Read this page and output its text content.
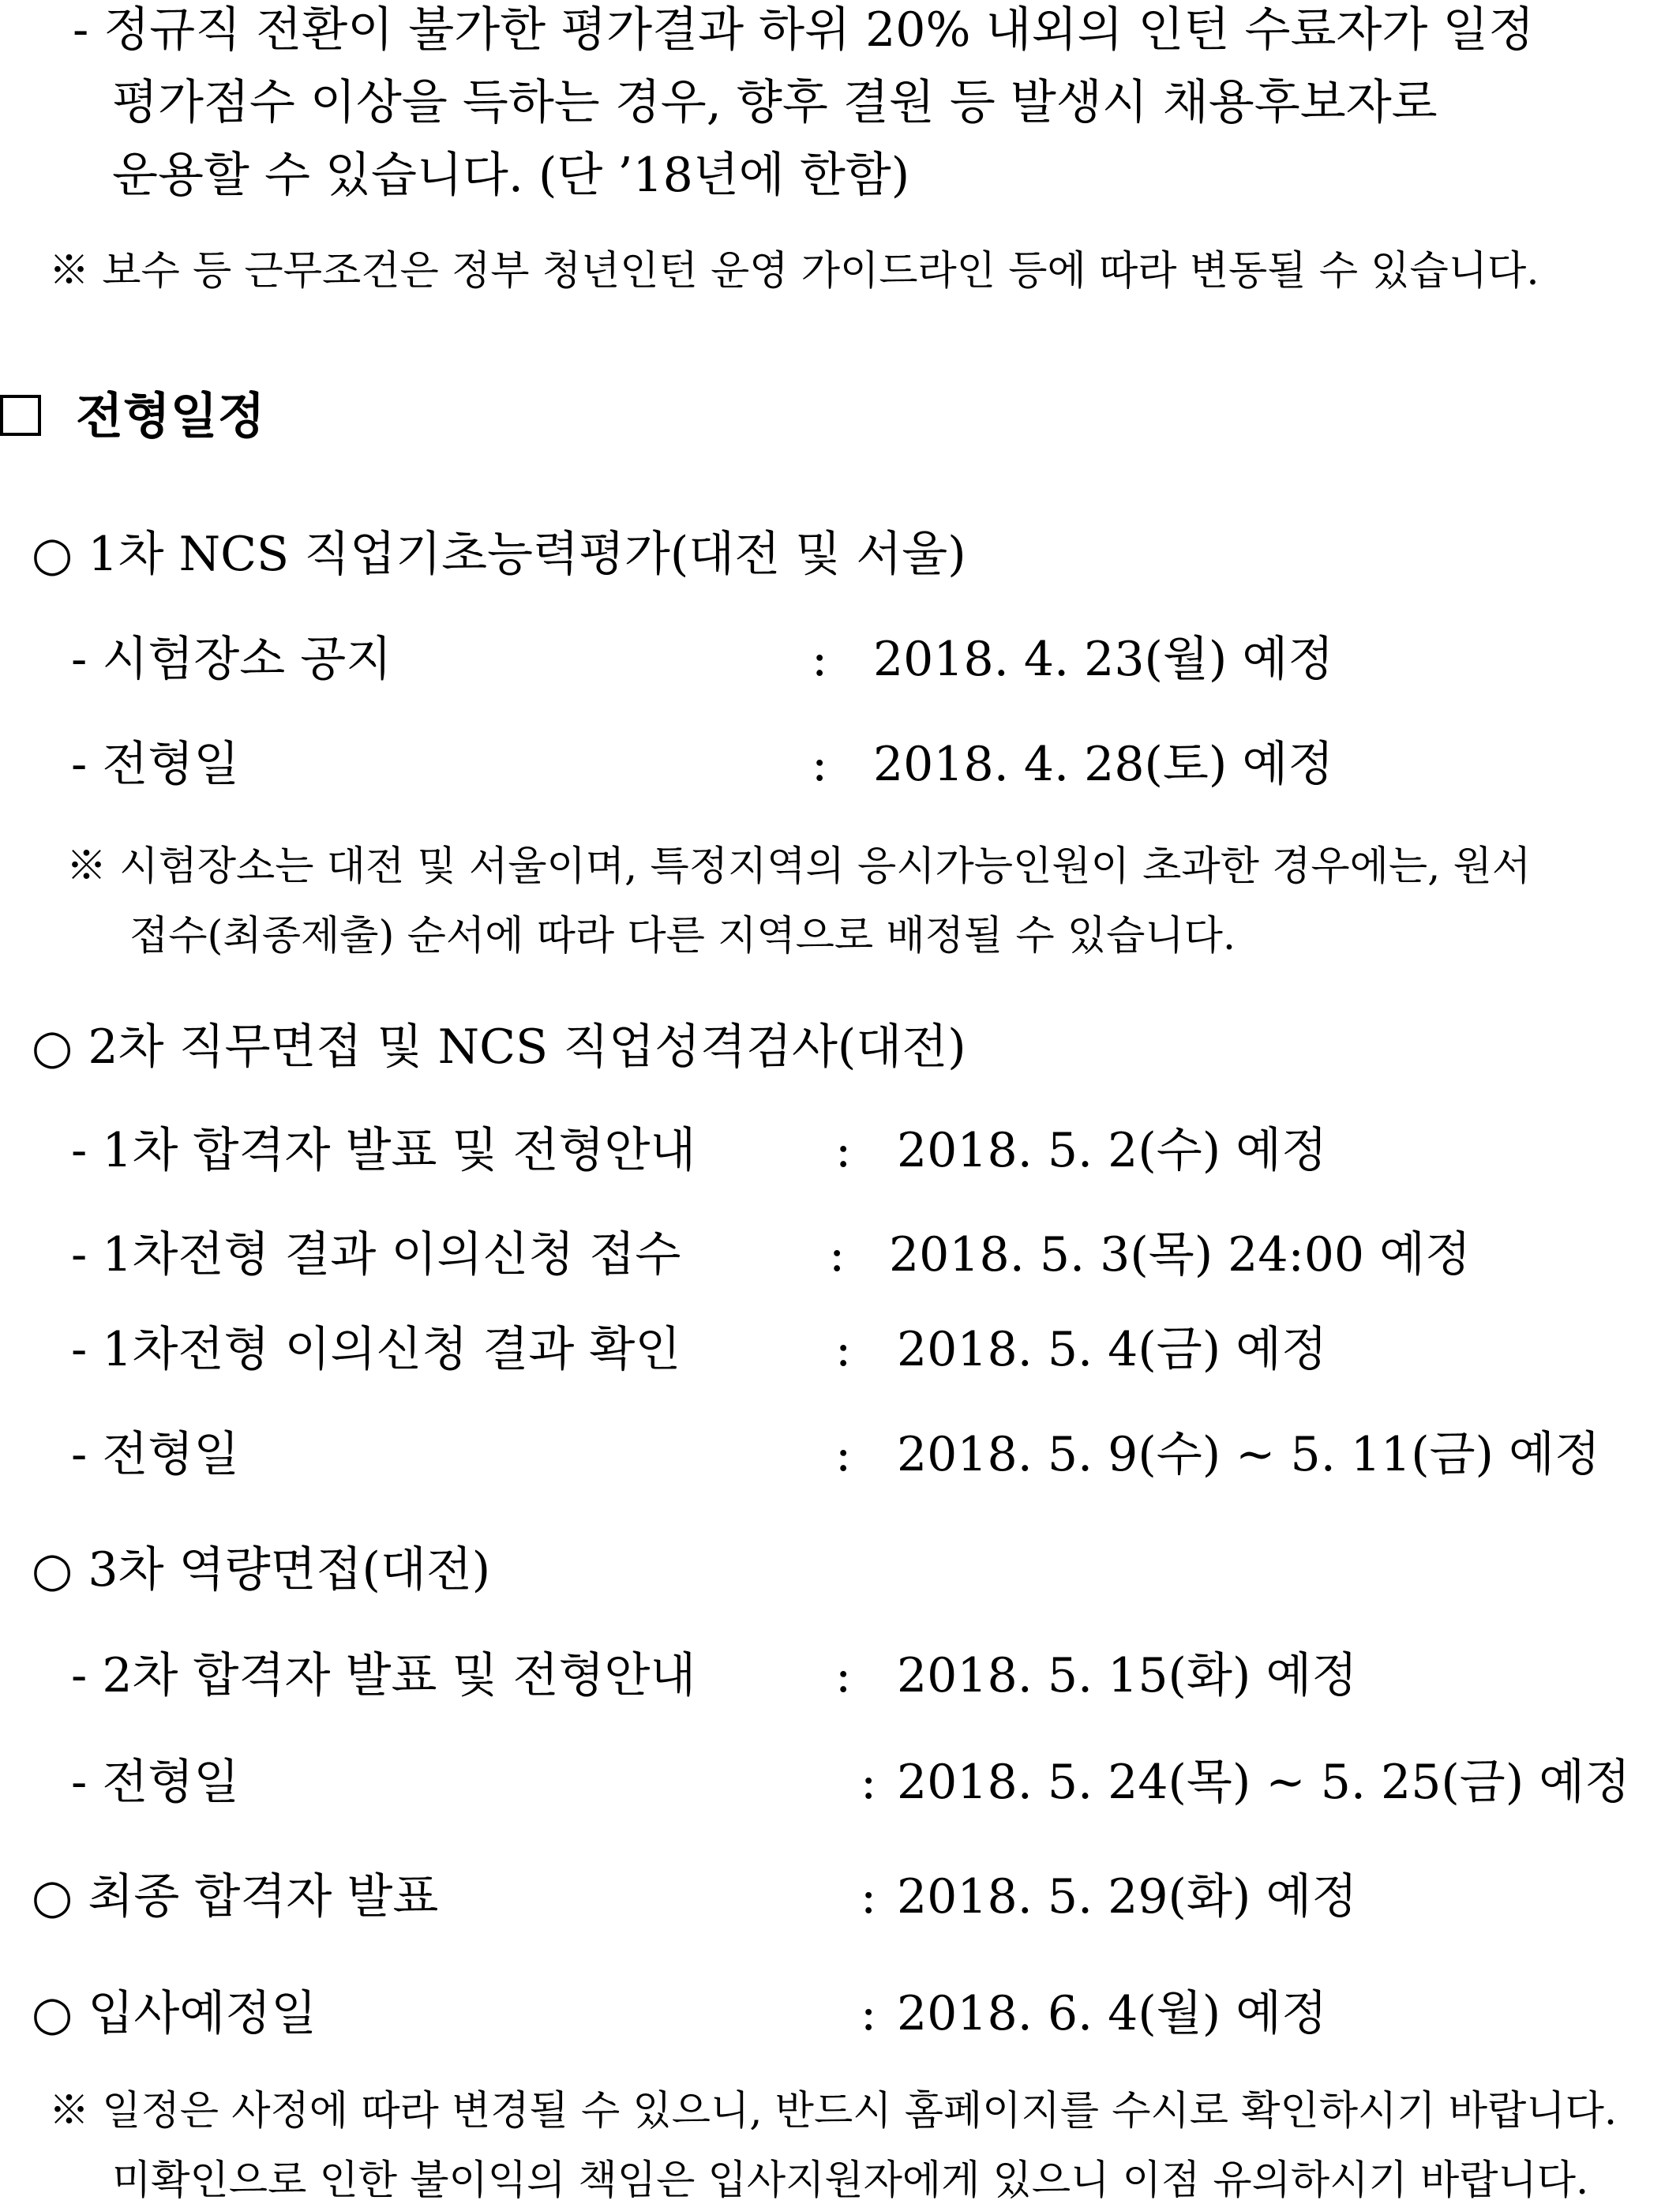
- 정규직 전환이 불가한 평가결과 하위 20% 내외의 인턴 수료자가 일정
평가점수 이상을 득하는 경우, 향후 결원 등 발생시 채용후보자로
운용할 수 있습니다. (단 ’18년에 한함)
※ 보수 등 근무조건은 정부 청년인턴 운영 가이드라인 등에 따라 변동될 수 있습니다.
전형일정
○ 1차 NCS 직업기초능력평가(대전 및 서울)
- 시험장소 공지	: 2018. 4. 23(월) 예정
- 전형일	: 2018. 4. 28(토) 예정
※ 시험장소는 대전 및 서울이며, 특정지역의 응시가능인원이 초과한 경우에는, 원서
접수(최종제출) 순서에 따라 다른 지역으로 배정될 수 있습니다.
○ 2차 직무면접 및 NCS 직업성격검사(대전)
- 1차 합격자 발표 및 전형안내	: 2018. 5. 2(수) 예정
- 1차전형 결과 이의신청 접수	: 2018. 5. 3(목) 24:00 예정
- 1차전형 이의신청 결과 확인	: 2018. 5. 4(금) 예정
- 전형일	: 2018. 5. 9(수) ~ 5. 11(금) 예정
○ 3차 역량면접(대전)
- 2차 합격자 발표 및 전형안내	: 2018. 5. 15(화) 예정
- 전형일	: 2018. 5. 24(목) ~ 5. 25(금) 예정
○ 최종 합격자 발표	: 2018. 5. 29(화) 예정
○ 입사예정일	: 2018. 6. 4(월) 예정
※ 일정은 사정에 따라 변경될 수 있으니, 반드시 홈페이지를 수시로 확인하시기 바랍니다.
미확인으로 인한 불이익의 책임은 입사지원자에게 있으니 이점 유의하시기 바랍니다.
